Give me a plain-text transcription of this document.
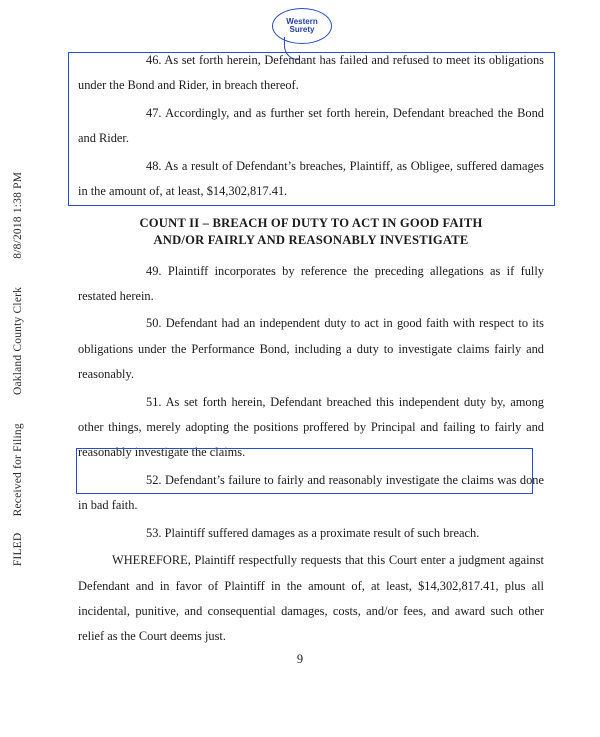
FILED  Received for Filing  Oakland County Clerk  8/8/2018 1:38 PM
Western
Surety

46. As set forth herein, Defendant has failed and refused to meet its obligations under the Bond and Rider, in breach thereof.

47. Accordingly, and as further set forth herein, Defendant breached the Bond and Rider.

48. As a result of Defendant’s breaches, Plaintiff, as Obligee, suffered damages in the amount of, at least, $14,302,817.41.

COUNT II – BREACH OF DUTY TO ACT IN GOOD FAITH
AND/OR FAIRLY AND REASONABLY INVESTIGATE

49. Plaintiff incorporates by reference the preceding allegations as if fully restated herein.

50. Defendant had an independent duty to act in good faith with respect to its obligations under the Performance Bond, including a duty to investigate claims fairly and reasonably.

51. As set forth herein, Defendant breached this independent duty by, among other things, merely adopting the positions proffered by Principal and failing to fairly and reasonably investigate the claims.

52. Defendant’s failure to fairly and reasonably investigate the claims was done in bad faith.

53. Plaintiff suffered damages as a proximate result of such breach.

WHEREFORE, Plaintiff respectfully requests that this Court enter a judgment against Defendant and in favor of Plaintiff in the amount of, at least, $14,302,817.41, plus all incidental, punitive, and consequential damages, costs, and/or fees, and award such other relief as the Court deems just.

9
